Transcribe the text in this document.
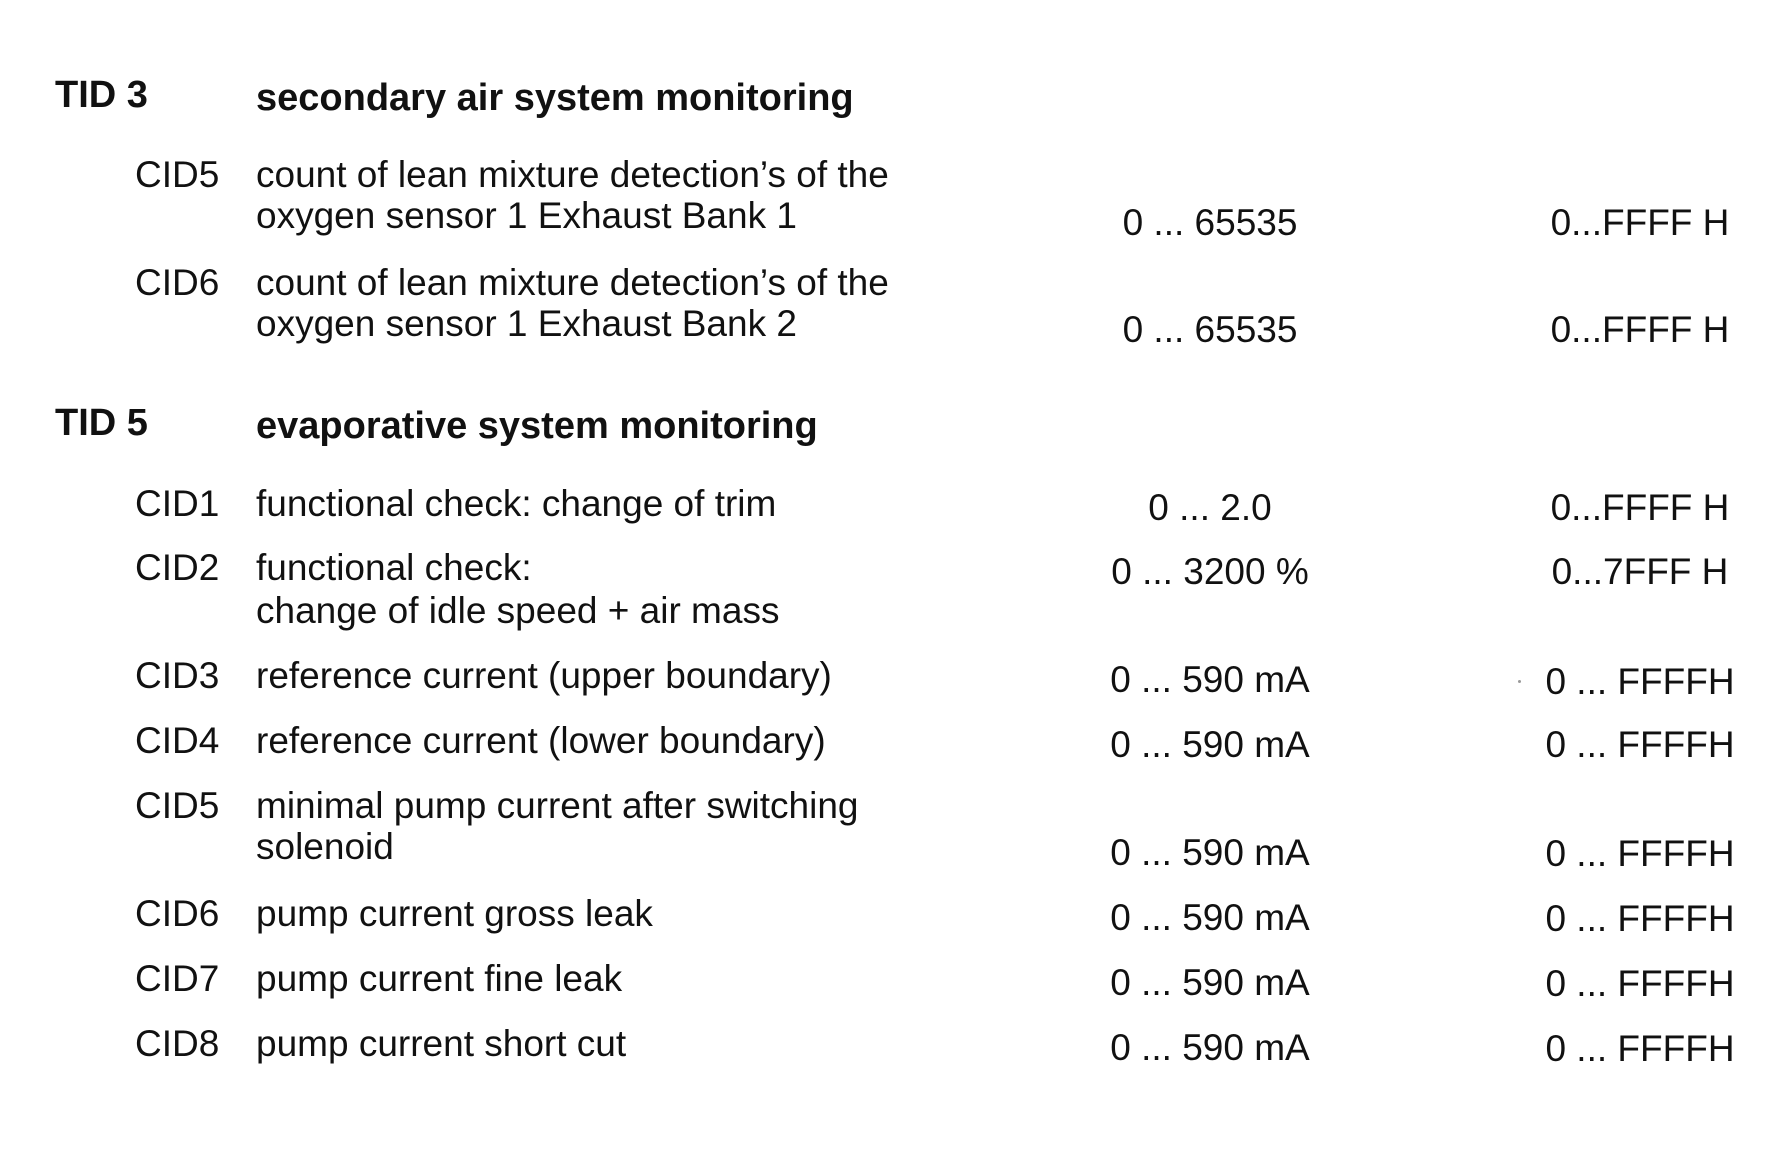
TID 3	secondary air system monitoring
CID5 count of lean mixture detection’s of the
oxygen sensor 1 Exhaust Bank 1	0 ... 65535	0...FFFF H
CID6 count of lean mixture detection’s of the
oxygen sensor 1 Exhaust Bank 2	0 ... 65535	0...FFFF H
TID 5	evaporative system monitoring
CID1 functional check: change of trim	0 ... 2.0	0...FFFF H
CID2 functional check:
change of idle speed + air mass
0 ... 3200 %	0...7FFF H
CID3 reference current (upper boundary)	0 ... 590 mA	0 ... FFFFH
CID4 reference current (lower boundary)	0 ... 590 mA	0 ... FFFFH
CID5 minimal pump current after switching
solenoid	0 ... 590 mA	0 ... FFFFH
CID6 pump current gross leak	0 ... 590 mA	0 ... FFFFH
CID7 pump current fine leak	0 ... 590 mA	0 ... FFFFH
CID8 pump current short cut	0 ... 590 mA	0 ... FFFFH
